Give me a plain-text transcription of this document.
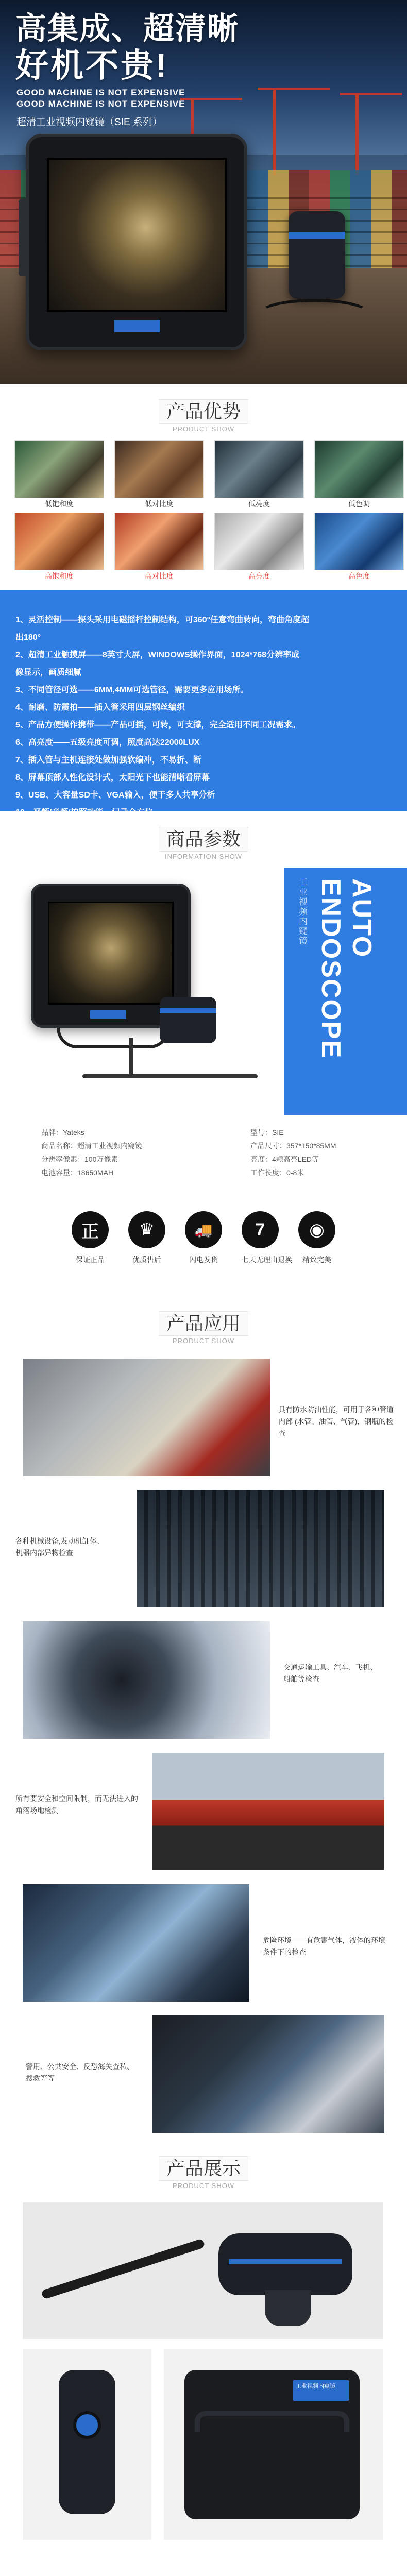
高集成、超清晰
好机不贵!
GOOD MACHINE IS NOT EXPENSIVE
GOOD MACHINE IS NOT EXPENSIVE
超清工业视频内窥镜（SIE 系列）
产品优势
PRODUCT SHOW
低饱和度	低对比度	低亮度	低色调
高饱和度	高对比度	高亮度	高色度
1、灵活控制——探头采用电磁摇杆控制结构，可360°任意弯曲转向，弯曲角度超
出180°
2、超清工业触摸屏——8英寸大屏，WINDOWS操作界面，1024*768分辨率成
像显示，画质细腻
3、不同管径可选——6MM,4MM可选管径，需要更多应用场所。
4、耐磨、防震拍——插入管采用四层钢丝编织
5、产品方便操作携带——产品可插，可转，可支撑，完全适用不同工况需求。
6、高亮度——五级亮度可调，照度高达22000LUX
7、插入管与主机连接处做加强软编冲，不易折、断
8、屏幕顶部人性化设计式，太阳光下也能清晰看屏幕
9、USB、大容量SD卡、VGA输入，便于多人共享分析
10、视频/音频/拍照功能，记录全方位
商品参数
INFORMATION SHOW
AUTO ENDOSCOPE
工业视频内窥镜
品牌：Yateks		型号：SIE
商品名称：超清工业视频内窥镜		产品尺寸：357*150*85MM,
分辨率像素：100万像素		亮度：4颗高亮LED等
电池容量：18650MAH		工作长度：0-8米
正
保证正品
♛
优质售后
🚚
闪电发货
7
七天无理由退换
◉
精致完美
产品应用
PRODUCT SHOW
具有防水防油性能，可用于各种管道内部 (水管、油管、气管)，钢瓶的检查
各种机械设备,发动机缸体、机器内部异物检查
交通运输工具、汽车、飞机、船舶等检查
所有要安全和空间限制，而无法进入的角落场地检测
危险环境——有危害气体，液体的环境条件下的检查
警用、公共安全、反恐海关查私、搜救等等
产品展示
PRODUCT SHOW
工业视频内窥镜
